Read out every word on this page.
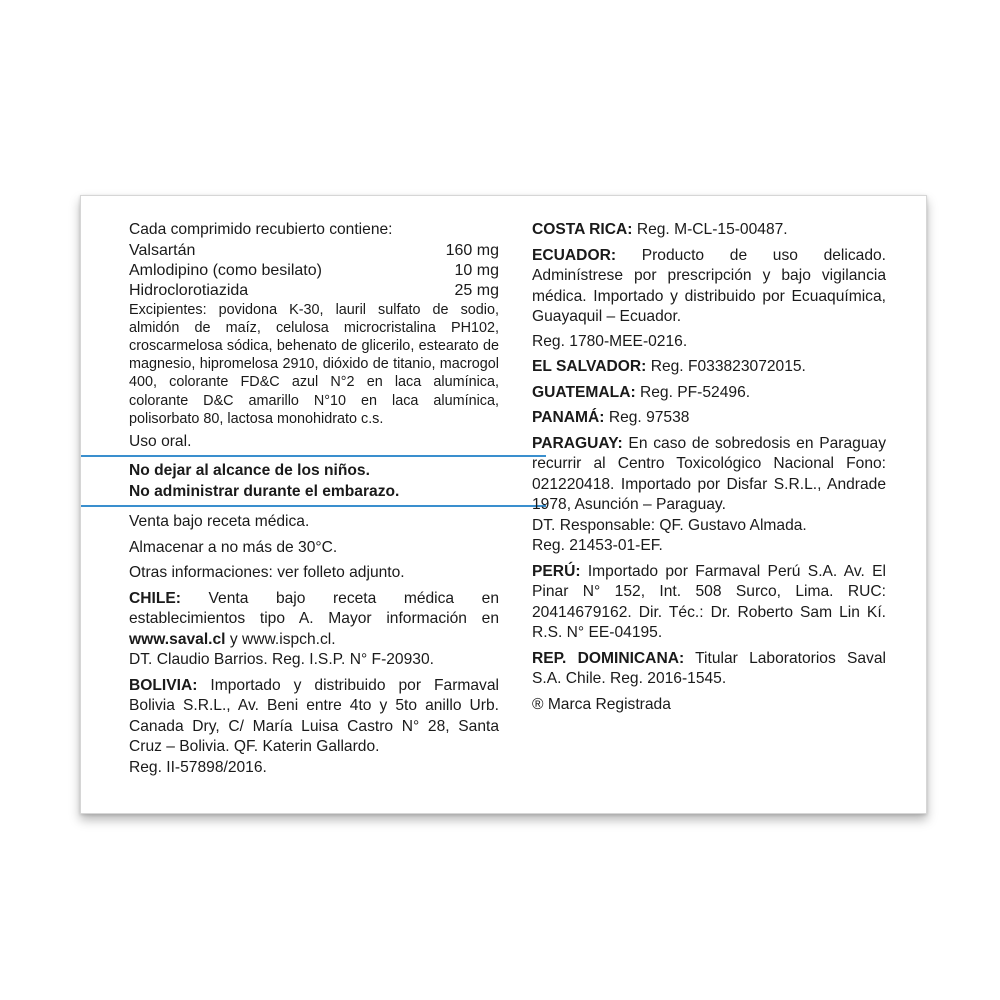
Cada comprimido recubierto contiene:

Valsartán	160 mg
Amlodipino (como besilato)	10 mg
Hidroclorotiazida	25 mg

Excipientes: povidona K-30, lauril sulfato de sodio, almidón de maíz, celulosa microcristalina PH102, croscarmelosa sódica, behenato de glicerilo, estearato de magnesio, hipromelosa 2910, dióxido de titanio, macrogol 400, colorante FD&C azul N°2 en laca alumínica, colorante D&C amarillo N°10 en laca alumínica, polisorbato 80, lactosa monohidrato c.s.

Uso oral.

No dejar al alcance de los niños.

No administrar durante el embarazo.

Venta bajo receta médica.

Almacenar a no más de 30°C.

Otras informaciones: ver folleto adjunto.

CHILE: Venta bajo receta médica en establecimientos tipo A. Mayor información en www.saval.cl y www.ispch.cl.

DT. Claudio Barrios. Reg. I.S.P. N° F-20930.

BOLIVIA: Importado y distribuido por Farmaval Bolivia S.R.L., Av. Beni entre 4to y 5to anillo Urb. Canada Dry, C/ María Luisa Castro N° 28, Santa Cruz – Bolivia. QF. Katerin Gallardo.

Reg. II-57898/2016.

COSTA RICA: Reg. M-CL-15-00487.

ECUADOR: Producto de uso delicado. Adminístrese por prescripción y bajo vigilancia médica. Importado y distribuido por Ecuaquímica, Guayaquil – Ecuador.

Reg. 1780-MEE-0216.

EL SALVADOR: Reg. F033823072015.

GUATEMALA: Reg. PF-52496.

PANAMÁ: Reg. 97538

PARAGUAY: En caso de sobredosis en Paraguay recurrir al Centro Toxicológico Nacional Fono: 021220418. Importado por Disfar S.R.L., Andrade 1978, Asunción – Paraguay.

DT. Responsable: QF. Gustavo Almada.

Reg. 21453-01-EF.

PERÚ: Importado por Farmaval Perú S.A. Av. El Pinar N° 152, Int. 508 Surco, Lima. RUC: 20414679162. Dir. Téc.: Dr. Roberto Sam Lin Kí. R.S. N° EE-04195.

REP. DOMINICANA: Titular Laboratorios Saval S.A. Chile. Reg. 2016-1545.

® Marca Registrada
